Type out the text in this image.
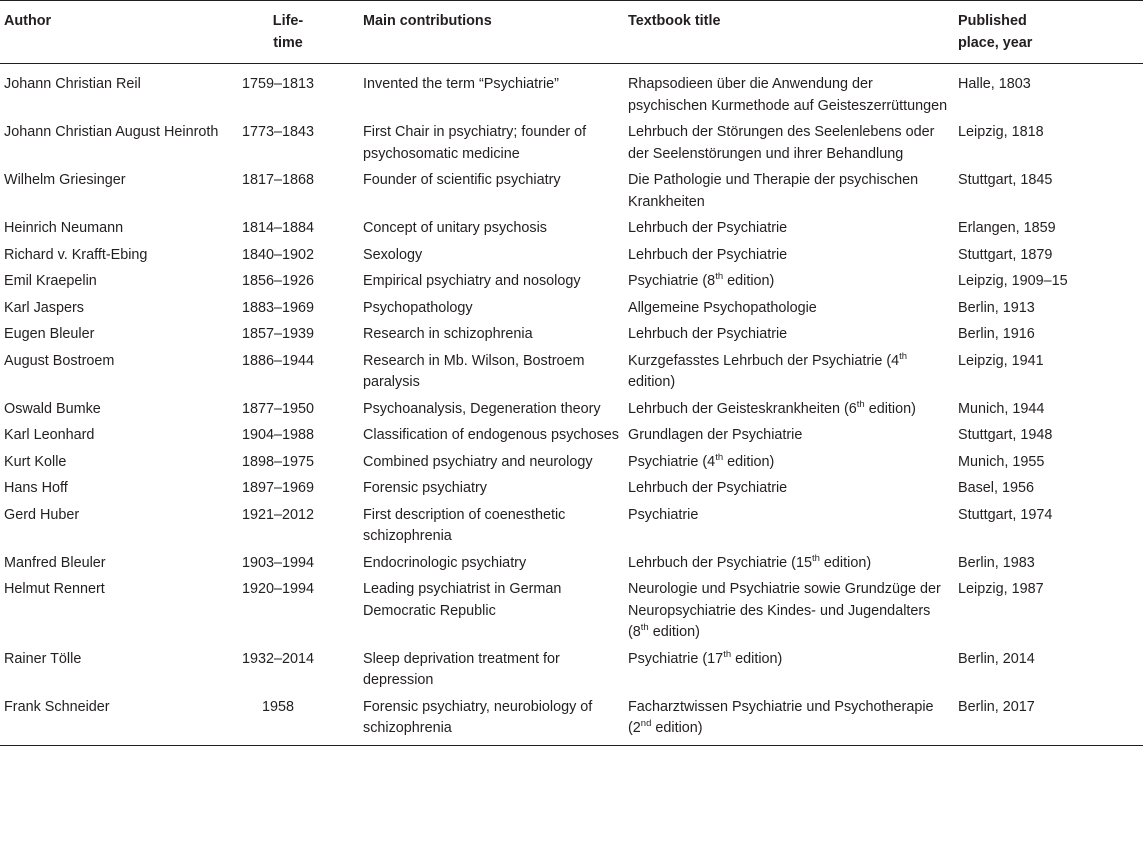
Author	Life-
time	Main contributions	Textbook title	Published
place, year
Johann Christian Reil	1759–1813	Invented the term “Psychiatrie”	Rhapsodieen über die Anwendung der psychischen Kurmethode auf Geisteszerrüttungen	Halle, 1803
Johann Christian August Heinroth	1773–1843	First Chair in psychiatry; founder of psychosomatic medicine	Lehrbuch der Störungen des Seelenlebens oder der Seelenstörungen und ihrer Behandlung	Leipzig, 1818
Wilhelm Griesinger	1817–1868	Founder of scientific psychiatry	Die Pathologie und Therapie der psychischen Krankheiten	Stuttgart, 1845
Heinrich Neumann	1814–1884	Concept of unitary psychosis	Lehrbuch der Psychiatrie	Erlangen, 1859
Richard v. Krafft-Ebing	1840–1902	Sexology	Lehrbuch der Psychiatrie	Stuttgart, 1879
Emil Kraepelin	1856–1926	Empirical psychiatry and nosology	Psychiatrie (8th edition)	Leipzig, 1909–15
Karl Jaspers	1883–1969	Psychopathology	Allgemeine Psychopathologie	Berlin, 1913
Eugen Bleuler	1857–1939	Research in schizophrenia	Lehrbuch der Psychiatrie	Berlin, 1916
August Bostroem	1886–1944	Research in Mb. Wilson, Bostroem paralysis	Kurzgefasstes Lehrbuch der Psychiatrie (4th edition)	Leipzig, 1941
Oswald Bumke	1877–1950	Psychoanalysis, Degeneration theory	Lehrbuch der Geisteskrankheiten (6th edition)	Munich, 1944
Karl Leonhard	1904–1988	Classification of endogenous psychoses	Grundlagen der Psychiatrie	Stuttgart, 1948
Kurt Kolle	1898–1975	Combined psychiatry and neurology	Psychiatrie (4th edition)	Munich, 1955
Hans Hoff	1897–1969	Forensic psychiatry	Lehrbuch der Psychiatrie	Basel, 1956
Gerd Huber	1921–2012	First description of coenesthetic schizophrenia	Psychiatrie	Stuttgart, 1974
Manfred Bleuler	1903–1994	Endocrinologic psychiatry	Lehrbuch der Psychiatrie (15th edition)	Berlin, 1983
Helmut Rennert	1920–1994	Leading psychiatrist in German Democratic Republic	Neurologie und Psychiatrie sowie Grundzüge der Neuropsychiatrie des Kindes- und Jugendalters (8th edition)	Leipzig, 1987
Rainer Tölle	1932–2014	Sleep deprivation treatment for depression	Psychiatrie (17th edition)	Berlin, 2014
Frank Schneider	1958	Forensic psychiatry, neurobiology of schizophrenia	Facharztwissen Psychiatrie und Psychotherapie (2nd edition)	Berlin, 2017
